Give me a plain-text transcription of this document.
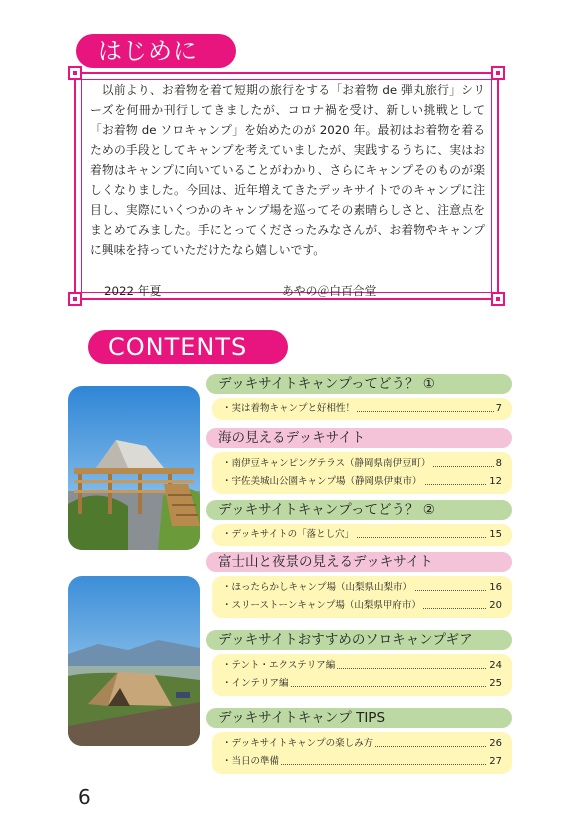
はじめに

以前より、お着物を着て短期の旅行をする「お着物 de 弾丸旅行」シリーズを何冊か刊行してきましたが、コロナ禍を受け、新しい挑戦として「お着物 de ソロキャンプ」を始めたのが 2020 年。最初はお着物を着るための手段としてキャンプを考えていましたが、実践するうちに、実はお着物はキャンプに向いていることがわかり、さらにキャンプそのものが楽しくなりました。今回は、近年増えてきたデッキサイトでのキャンプに注目し、実際にいくつかのキャンプ場を巡ってその素晴らしさと、注意点をまとめてみました。手にとってくださったみなさんが、お着物やキャンプに興味を持っていただけたなら嬉しいです。

2022 年夏	あやの＠白百合堂
CONTENTS
デッキサイトキャンプってどう？ ①
・実は着物キャンプと好相性！	7
海の見えるデッキサイト
・南伊豆キャンピングテラス（静岡県南伊豆町）	8
・宇佐美城山公園キャンプ場（静岡県伊東市）	12
デッキサイトキャンプってどう？ ②
・デッキサイトの「落とし穴」	15
富士山と夜景の見えるデッキサイト
・ほったらかしキャンプ場（山梨県山梨市）	16
・スリーストーンキャンプ場（山梨県甲府市）	20
デッキサイトおすすめのソロキャンプギア
・テント・エクステリア編	24
・インテリア編	25
デッキサイトキャンプ TIPS
・デッキサイトキャンプの楽しみ方	26
・当日の準備	27
6
